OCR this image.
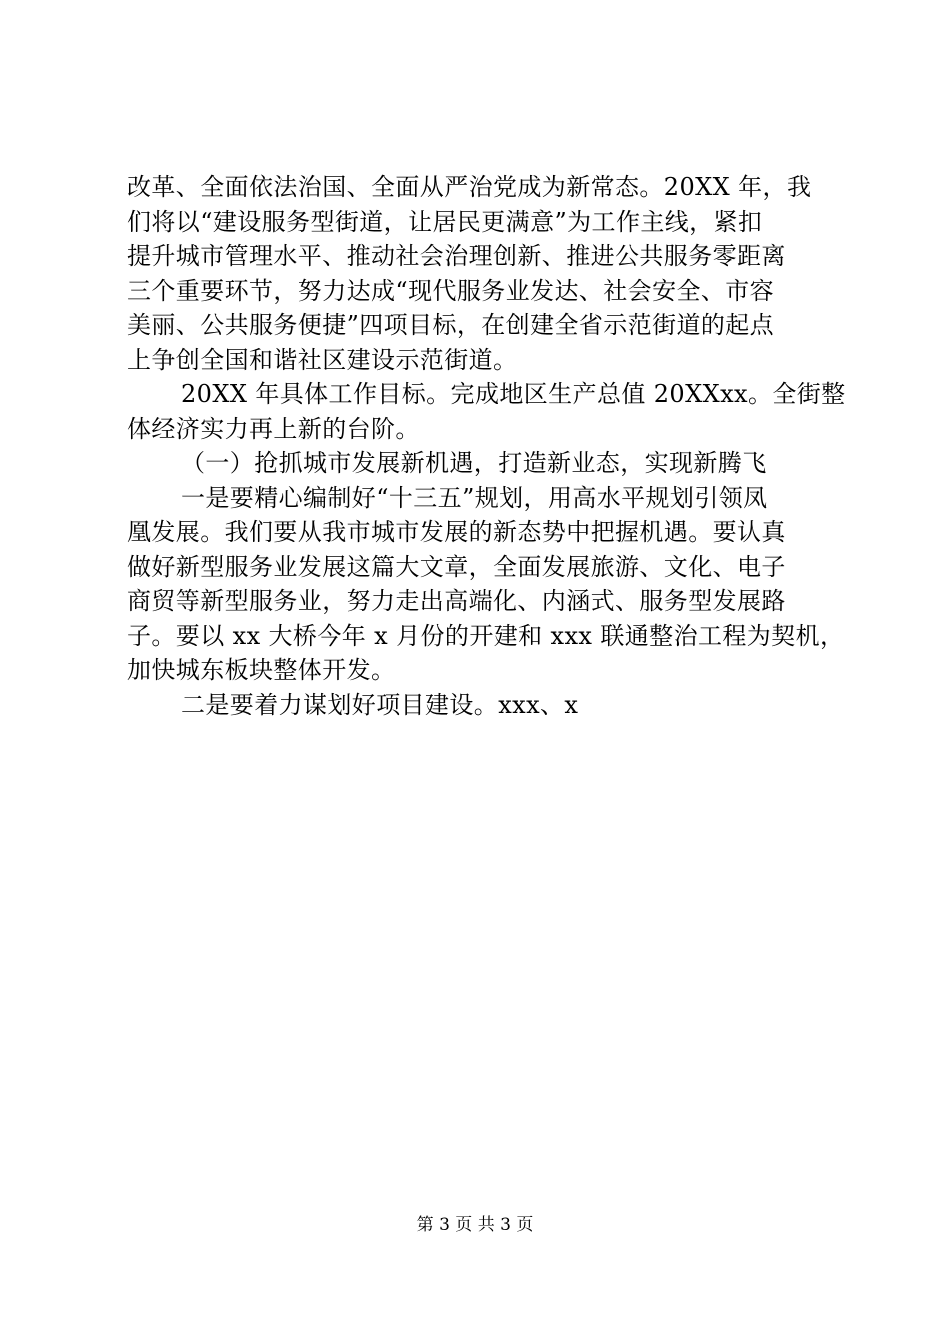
改革、全面依法治国、全面从严治党成为新常态。20XX 年，我
们将以“建设服务型街道，让居民更满意”为工作主线，紧扣
提升城市管理水平、推动社会治理创新、推进公共服务零距离
三个重要环节，努力达成“现代服务业发达、社会安全、市容
美丽、公共服务便捷”四项目标，在创建全省示范街道的起点
上争创全国和谐社区建设示范街道。
20XX 年具体工作目标。完成地区生产总值 20XXxx。全街整
体经济实力再上新的台阶。
（一）抢抓城市发展新机遇，打造新业态，实现新腾飞
一是要精心编制好“十三五”规划，用高水平规划引领凤
凰发展。我们要从我市城市发展的新态势中把握机遇。要认真
做好新型服务业发展这篇大文章，全面发展旅游、文化、电子
商贸等新型服务业，努力走出高端化、内涵式、服务型发展路
子。要以 xx 大桥今年 x 月份的开建和 xxx 联通整治工程为契机，
加快城东板块整体开发。
二是要着力谋划好项目建设。xxx、x
第 3 页 共 3 页
